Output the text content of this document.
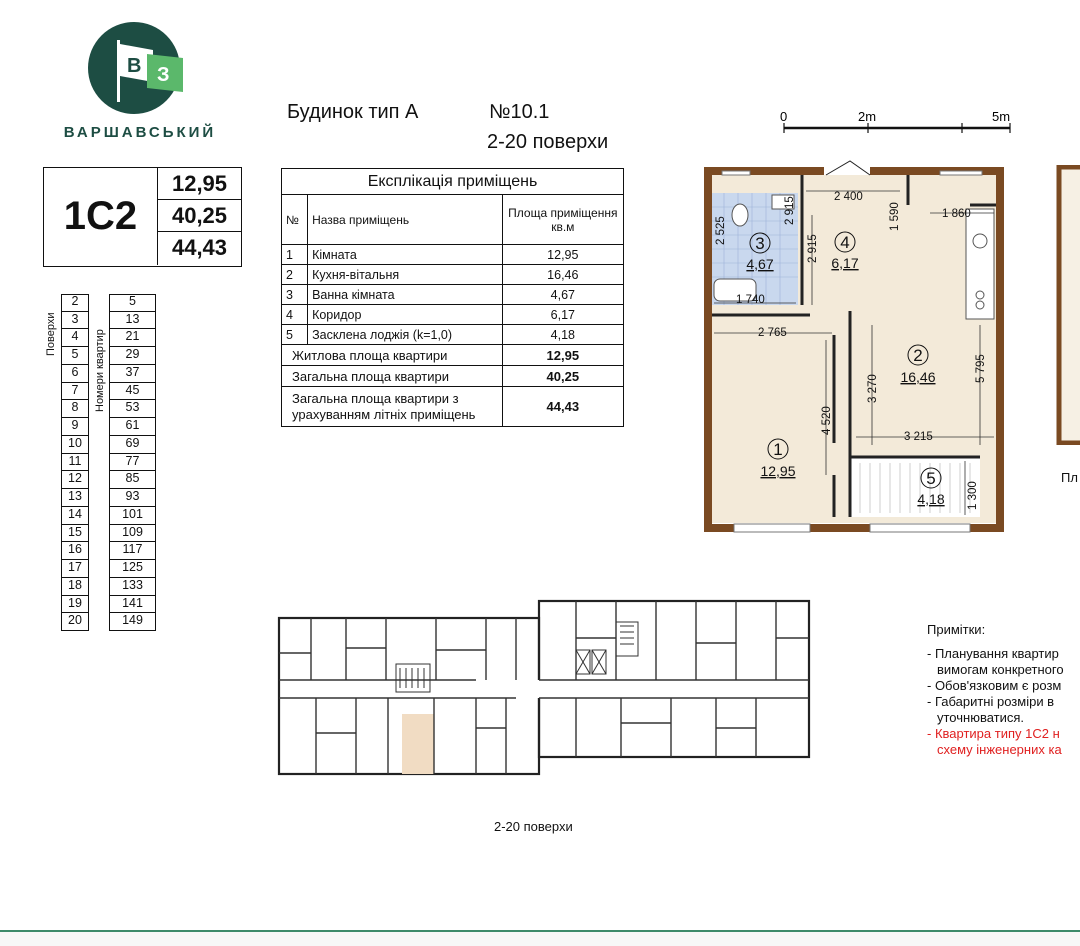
В З
ВАРШАВСЬКИЙ
Будинок тип А	№10.1
2-20 поверхи
1С2
12,95
40,25
44,43
Поверхи	Номери квартир
2	5
3	13
4	21
5	29
6	37
7	45
8	53
9	61
10	69
11	77
12	85
13	93
14	101
15	109
16	117
17	125
18	133
19	141
20	149
Експлікація приміщень		
№	Назва приміщень	Площа приміщення кв.м
1	Кімната	12,95
2	Кухня-вітальня	16,46
3	Ванна кімната	4,67
4	Коридор	6,17
5	Засклена лоджія (k=1,0)	4,18
Житлова площа квартири		12,95
Загальна площа квартири		40,25
Загальна площа квартири з урахуванням літніх приміщень		44,43
0	2m	5m
3	4
2
1
5
4,67	6,17
16,46
12,95
4,18
2 400
1 590	1 860
2 525
2 915
2 915
1 740
2 765
3 270
5 795
4 520
3 215
1 300
Пл
2-20 поверхи
Примітки:
- Планування квартир
вимогам конкретного
- Обов'язковим є розм
- Габаритні розміри в
уточнюватися.
- Квартира типу 1С2 н
схему інженерних ка
